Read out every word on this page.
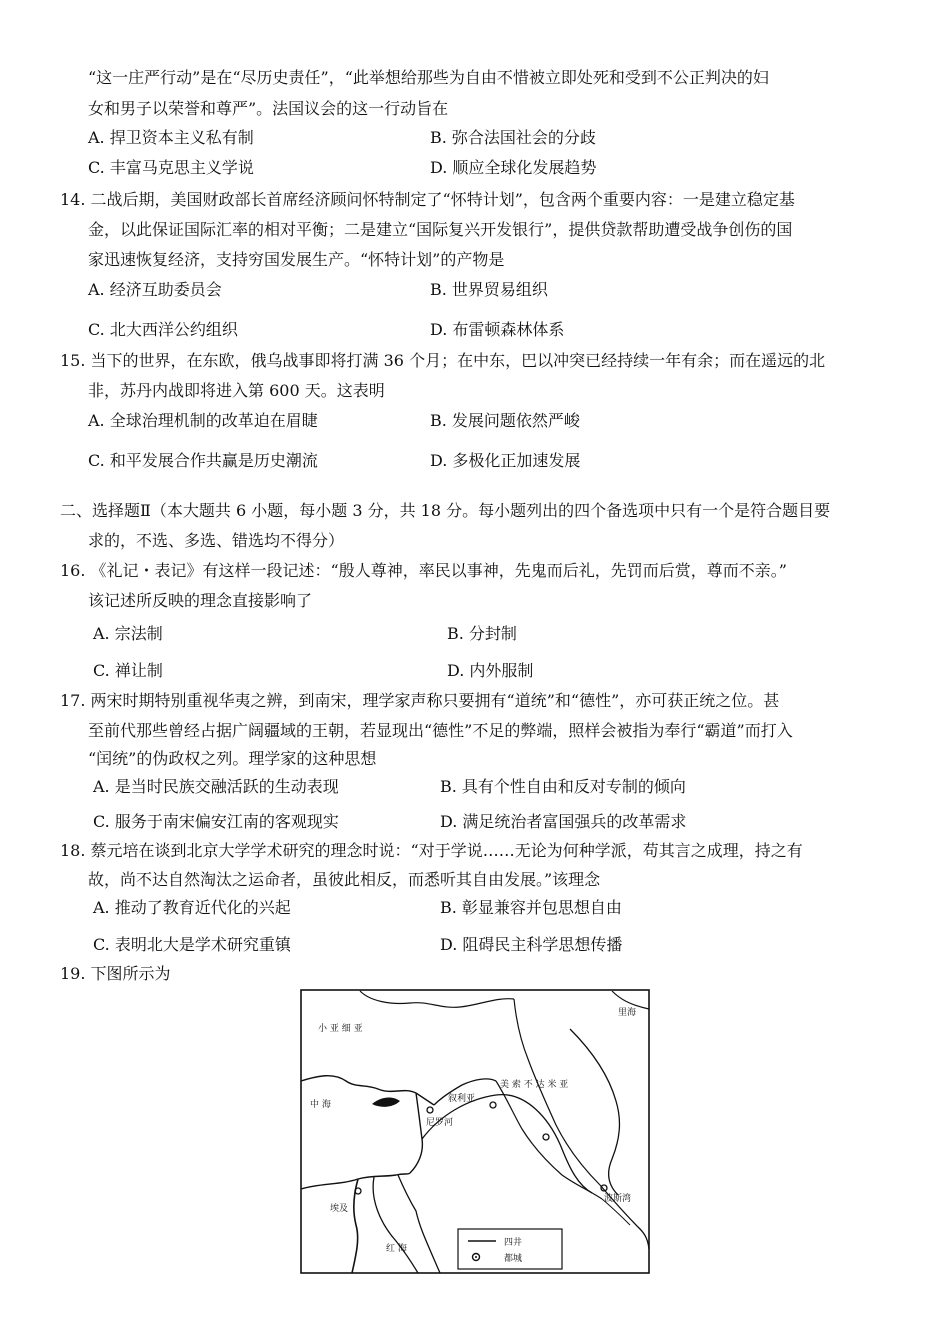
“这一庄严行动”是在“尽历史责任”，“此举想给那些为自由不惜被立即处死和受到不公正判决的妇
女和男子以荣誉和尊严”。法国议会的这一行动旨在
A. 捍卫资本主义私有制	B. 弥合法国社会的分歧
C. 丰富马克思主义学说	D. 顺应全球化发展趋势
14. 二战后期，美国财政部长首席经济顾问怀特制定了“怀特计划”，包含两个重要内容：一是建立稳定基
金，以此保证国际汇率的相对平衡；二是建立“国际复兴开发银行”，提供贷款帮助遭受战争创伤的国
家迅速恢复经济，支持穷国发展生产。“怀特计划”的产物是
A. 经济互助委员会	B. 世界贸易组织
C. 北大西洋公约组织	D. 布雷顿森林体系
15. 当下的世界，在东欧，俄乌战事即将打满 36 个月；在中东，巴以冲突已经持续一年有余；而在遥远的北
非，苏丹内战即将进入第 600 天。这表明
A. 全球治理机制的改革迫在眉睫	B. 发展问题依然严峻
C. 和平发展合作共赢是历史潮流	D. 多极化正加速发展
二、选择题Ⅱ（本大题共 6 小题，每小题 3 分，共 18 分。每小题列出的四个备选项中只有一个是符合题目要
求的，不选、多选、错选均不得分）
16. 《礼记・表记》有这样一段记述：“殷人尊神，率民以事神，先鬼而后礼，先罚而后赏，尊而不亲。”
该记述所反映的理念直接影响了
A. 宗法制	B. 分封制
C. 禅让制	D. 内外服制
17. 两宋时期特别重视华夷之辨，到南宋，理学家声称只要拥有“道统”和“德性”，亦可获正统之位。甚
至前代那些曾经占据广阔疆域的王朝，若显现出“德性”不足的弊端，照样会被指为奉行“霸道”而打入
“闰统”的伪政权之列。理学家的这种思想
A. 是当时民族交融活跃的生动表现	B. 具有个性自由和反对专制的倾向
C. 服务于南宋偏安江南的客观现实	D. 满足统治者富国强兵的改革需求
18. 蔡元培在谈到北京大学学术研究的理念时说：“对于学说……无论为何种学派，苟其言之成理，持之有
故，尚不达自然淘汰之运命者，虽彼此相反，而悉听其自由发展。”该理念
A. 推动了教育近代化的兴起	B. 彰显兼容并包思想自由
C. 表明北大是学术研究重镇	D. 阻碍民主科学思想传播
19. 下图所示为
小 亚 细 亚
里海
中 海
叙利亚
美 索 不 达 米 亚
尼罗河
红 海
波斯湾
埃及
四井
都城
